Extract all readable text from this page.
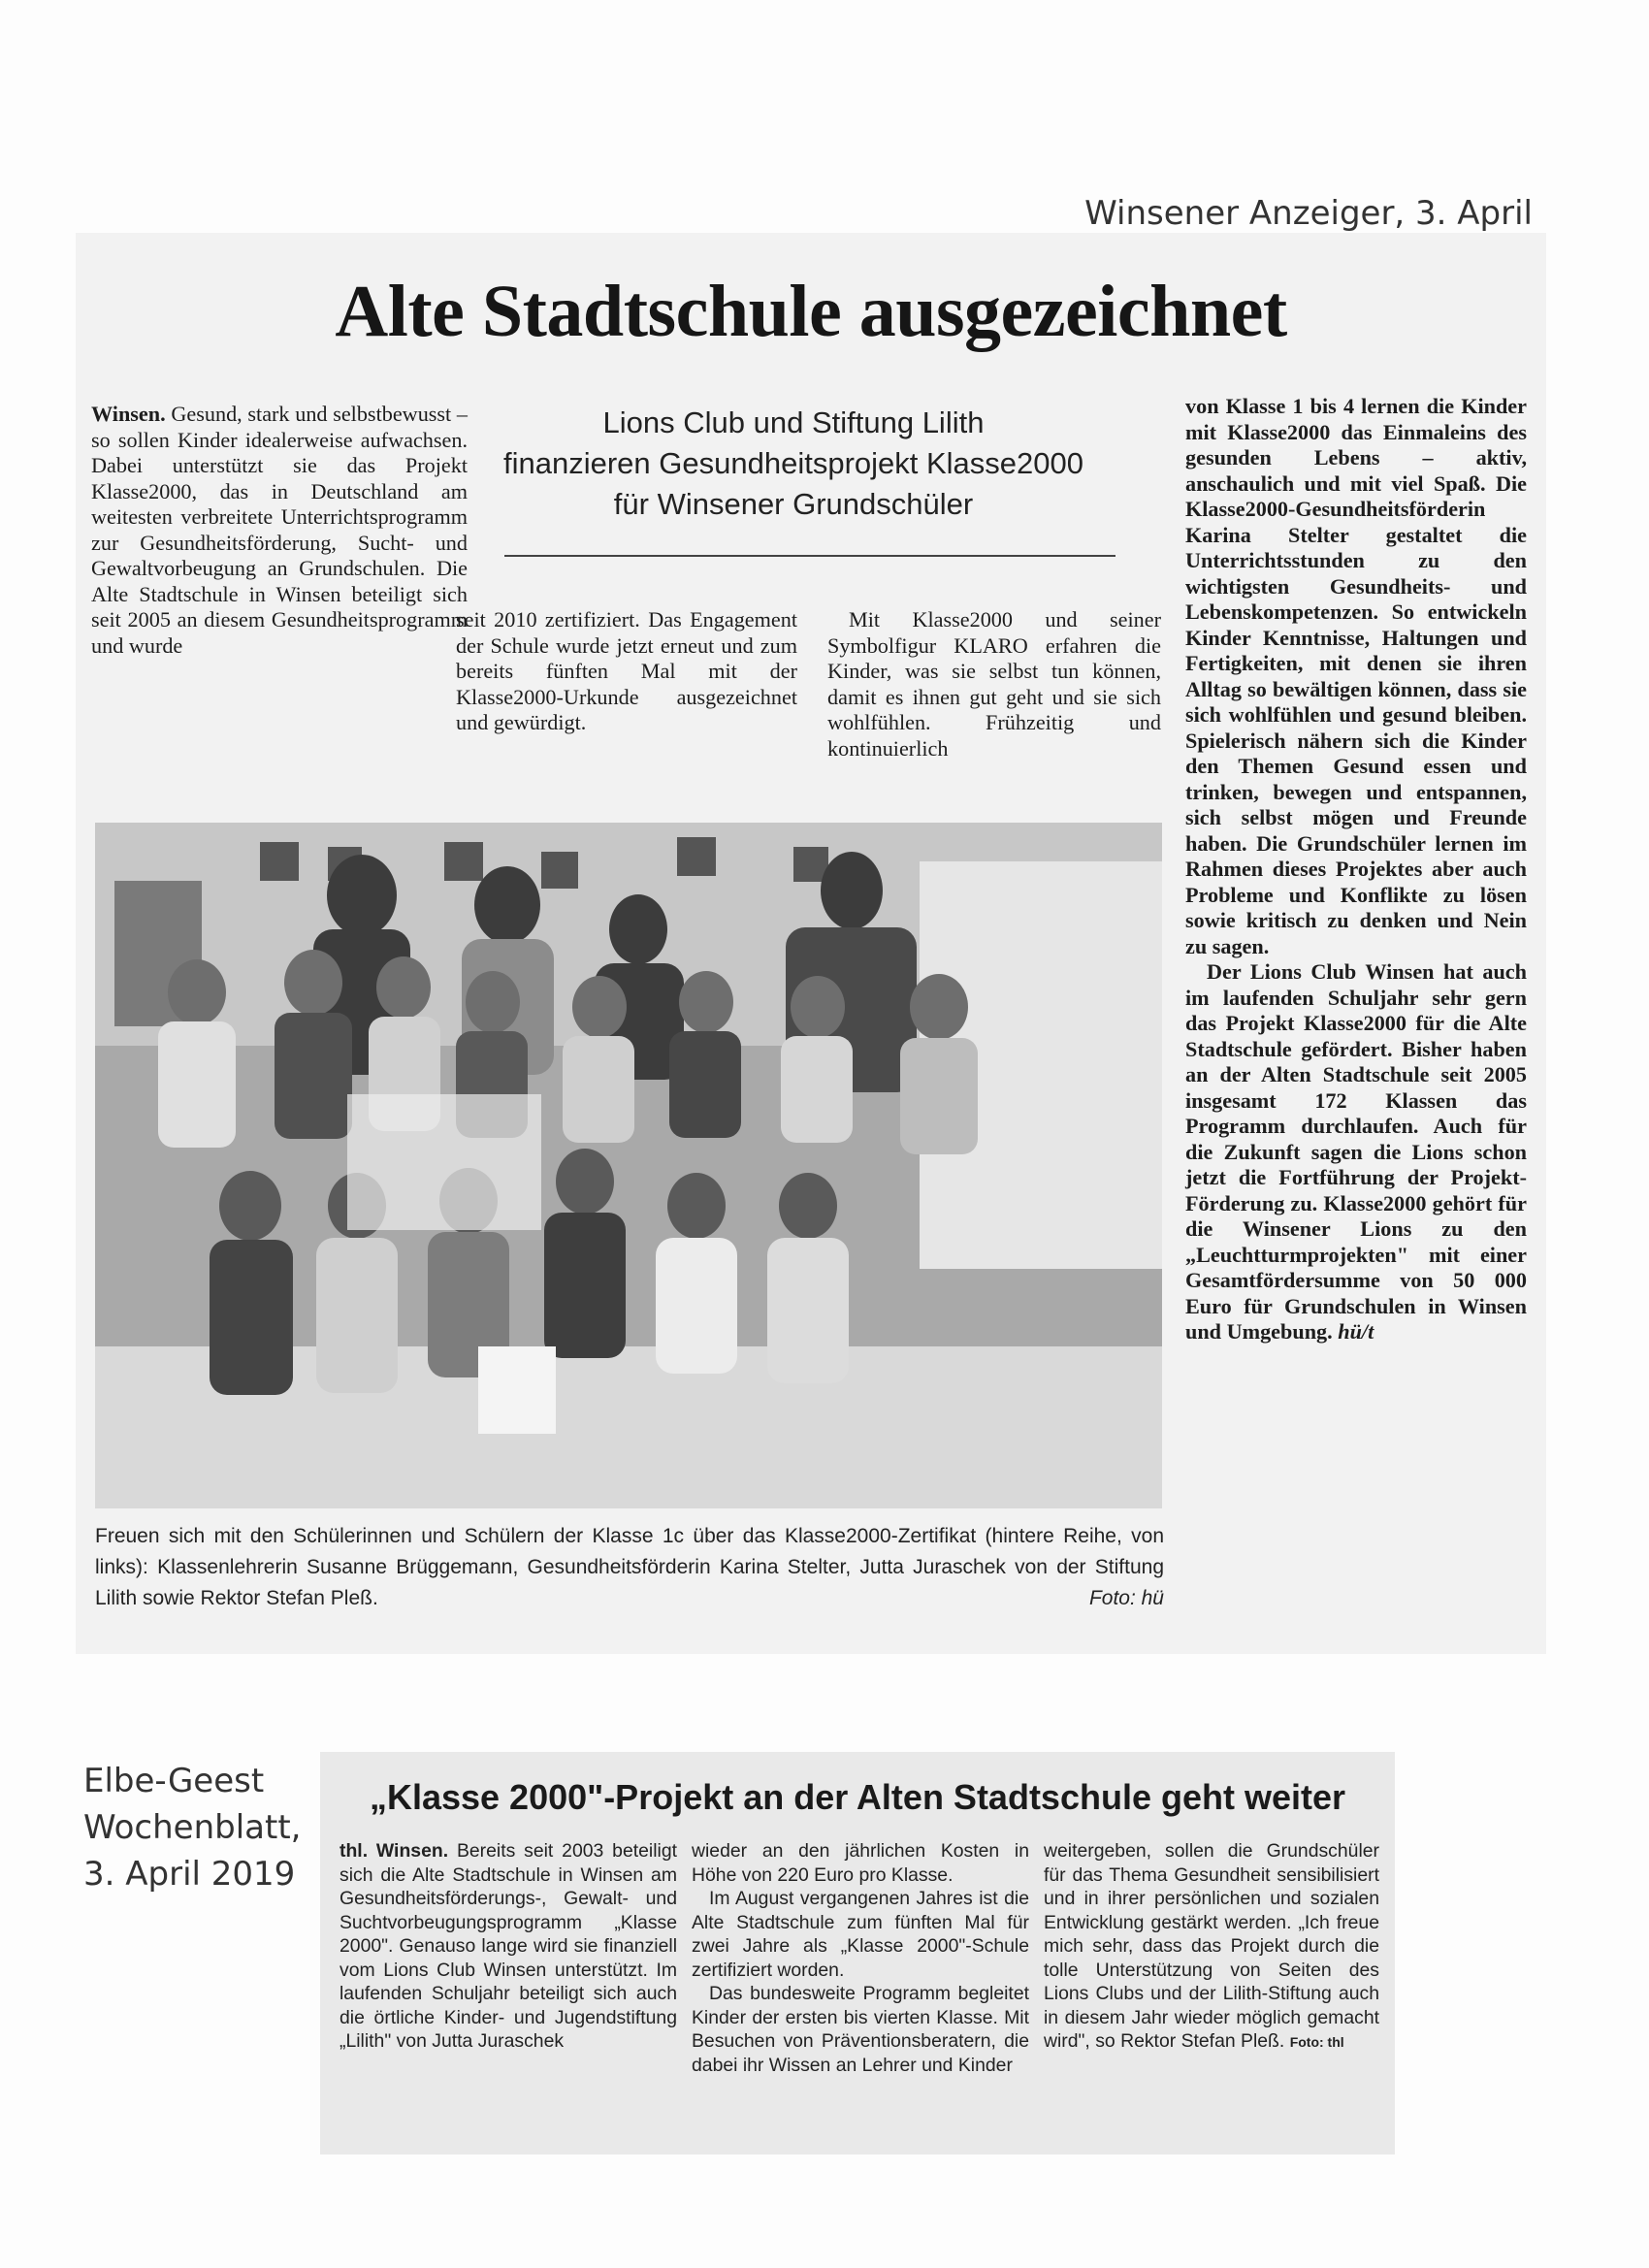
Winsener Anzeiger, 3. April
Alte Stadtschule ausgezeichnet
Lions Club und Stiftung Lilith
finanzieren Gesundheitsprojekt Klasse2000
für Winsener Grundschüler

Winsen. Gesund, stark und selbstbewusst – so sollen Kinder idealerweise aufwachsen. Dabei unterstützt sie das Projekt Klasse2000, das in Deutschland am weitesten verbreitete Unterrichtsprogramm zur Gesundheitsförderung, Sucht- und Gewaltvorbeugung an Grundschulen. Die Alte Stadtschule in Winsen beteiligt sich seit 2005 an diesem Gesundheitsprogramm und wurde

seit 2010 zertifiziert. Das Engagement der Schule wurde jetzt erneut und zum bereits fünften Mal mit der Klasse2000-Urkunde ausgezeichnet und gewürdigt.

Mit Klasse2000 und seiner Symbolfigur KLARO erfahren die Kinder, was sie selbst tun können, damit es ihnen gut geht und sie sich wohlfühlen. Frühzeitig und kontinuierlich

von Klasse 1 bis 4 lernen die Kinder mit Klasse2000 das Einmaleins des gesunden Lebens – aktiv, anschaulich und mit viel Spaß. Die Klasse2000-Gesundheitsförderin Karina Stelter gestaltet die Unterrichtsstunden zu den wichtigsten Gesundheits- und Lebenskompetenzen. So entwickeln Kinder Kenntnisse, Haltungen und Fertigkeiten, mit denen sie ihren Alltag so bewältigen können, dass sie sich wohlfühlen und gesund bleiben. Spielerisch nähern sich die Kinder den Themen Gesund essen und trinken, bewegen und entspannen, sich selbst mögen und Freunde haben. Die Grundschüler lernen im Rahmen dieses Projektes aber auch Probleme und Konflikte zu lösen sowie kritisch zu denken und Nein zu sagen.

Der Lions Club Winsen hat auch im laufenden Schuljahr sehr gern das Projekt Klasse2000 für die Alte Stadtschule gefördert. Bisher haben an der Alten Stadtschule seit 2005 insgesamt 172 Klassen das Programm durchlaufen. Auch für die Zukunft sagen die Lions schon jetzt die Fortführung der Projekt-Förderung zu. Klasse2000 gehört für die Winsener Lions zu den „Leuchtturmprojekten" mit einer Gesamtfördersumme von 50 000 Euro für Grundschulen in Winsen und Umgebung. hü/t

Freuen sich mit den Schülerinnen und Schülern der Klasse 1c über das Klasse2000-Zertifikat (hintere Reihe, von links): Klassenlehrerin Susanne Brüggemann, Gesundheitsförderin Karina Stelter, Jutta Juraschek von der Stiftung Lilith sowie Rektor Stefan Pleß.	Foto: hü
Elbe-Geest
Wochenblatt,
3. April 2019
„Klasse 2000"-Projekt an der Alten Stadtschule geht weiter

thl. Winsen. Bereits seit 2003 beteiligt sich die Alte Stadtschule in Winsen am Gesundheitsförderungs-, Gewalt- und Suchtvorbeugungsprogramm „Klasse 2000". Genauso lange wird sie finanziell vom Lions Club Winsen unterstützt. Im laufenden Schuljahr beteiligt sich auch die örtliche Kinder- und Jugendstiftung „Lilith" von Jutta Juraschek

wieder an den jährlichen Kosten in Höhe von 220 Euro pro Klasse.

Im August vergangenen Jahres ist die Alte Stadtschule zum fünften Mal für zwei Jahre als „Klasse 2000"-Schule zertifiziert worden.

Das bundesweite Programm begleitet Kinder der ersten bis vierten Klasse. Mit Besuchen von Präventionsberatern, die dabei ihr Wissen an Lehrer und Kinder

weitergeben, sollen die Grundschüler für das Thema Gesundheit sensibilisiert und in ihrer persönlichen und sozialen Entwicklung gestärkt werden. „Ich freue mich sehr, dass das Projekt durch die tolle Unterstützung von Seiten des Lions Clubs und der Lilith-Stiftung auch in diesem Jahr wieder möglich gemacht wird", so Rektor Stefan Pleß. Foto: thl
